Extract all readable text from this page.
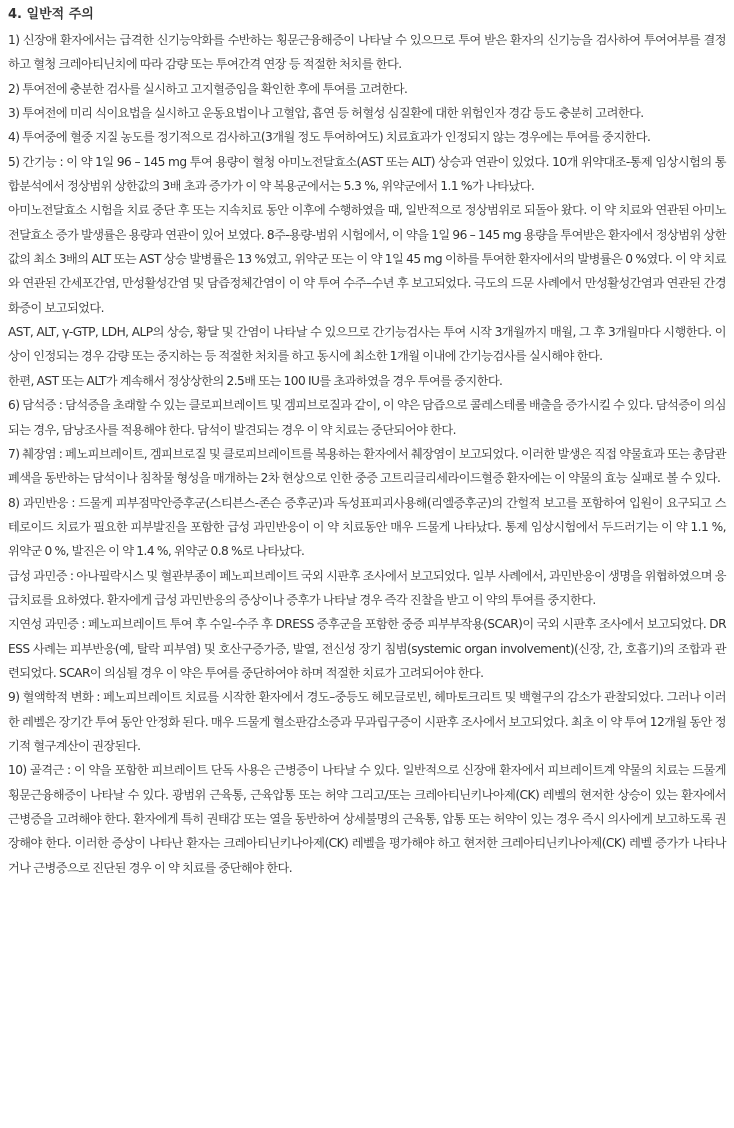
4. 일반적 주의

1) 신장애 환자에서는 급격한 신기능악화를 수반하는 횡문근융해증이 나타날 수 있으므로 투여 받은 환자의 신기능을 검사하여 투여여부를 결정하고 혈청 크레아티닌치에 따라 감량 또는 투여간격 연장 등 적절한 처치를 한다.

2) 투여전에 충분한 검사를 실시하고 고지혈증임을 확인한 후에 투여를 고려한다.

3) 투여전에 미리 식이요법을 실시하고 운동요법이나 고혈압, 흡연 등 허혈성 심질환에 대한 위험인자 경감 등도 충분히 고려한다.

4) 투여중에 혈중 지질 농도를 정기적으로 검사하고(3개월 정도 투여하여도) 치료효과가 인정되지 않는 경우에는 투여를 중지한다.

5) 간기능 : 이 약 1일 96 – 145 mg 투여 용량이 혈청 아미노전달효소(AST 또는 ALT) 상승과 연관이 있었다. 10개 위약대조-통제 임상시험의 통합분석에서 정상범위 상한값의 3배 초과 증가가 이 약 복용군에서는 5.3 %, 위약군에서 1.1 %가 나타났다.

아미노전달효소 시험을 치료 중단 후 또는 지속치료 동안 이후에 수행하였을 때, 일반적으로 정상범위로 되돌아 왔다. 이 약 치료와 연관된 아미노전달효소 증가 발생률은 용량과 연관이 있어 보였다. 8주-용량-범위 시험에서, 이 약을 1일 96 – 145 mg 용량을 투여받은 환자에서 정상범위 상한값의 최소 3배의 ALT 또는 AST 상승 발병률은 13 %였고, 위약군 또는 이 약 1일 45 mg 이하를 투여한 환자에서의 발병률은 0 %였다. 이 약 치료와 연관된 간세포간염, 만성활성간염 및 담즙정체간염이 이 약 투여 수주–수년 후 보고되었다. 극도의 드문 사례에서 만성활성간염과 연관된 간경화증이 보고되었다.

AST, ALT, γ-GTP, LDH, ALP의 상승, 황달 및 간염이 나타날 수 있으므로 간기능검사는 투여 시작 3개월까지 매월, 그 후 3개월마다 시행한다. 이상이 인정되는 경우 감량 또는 중지하는 등 적절한 처치를 하고 동시에 최소한 1개월 이내에 간기능검사를 실시해야 한다.

한편, AST 또는 ALT가 계속해서 정상상한의 2.5배 또는 100 IU를 초과하였을 경우 투여를 중지한다.

6) 담석증 : 담석증을 초래할 수 있는 클로피브레이트 및 겜피브로질과 같이, 이 약은 담즙으로 콜레스테롤 배출을 증가시킬 수 있다. 담석증이 의심되는 경우, 담낭조사를 적용해야 한다. 담석이 발견되는 경우 이 약 치료는 중단되어야 한다.

7) 췌장염 : 페노피브레이트, 겜피브로질 및 클로피브레이트를 복용하는 환자에서 췌장염이 보고되었다. 이러한 발생은 직접 약물효과 또는 총담관 폐색을 동반하는 담석이나 침착물 형성을 매개하는 2차 현상으로 인한 중증 고트리글리세라이드혈증 환자에는 이 약물의 효능 실패로 볼 수 있다.

8) 과민반응 : 드물게 피부점막안증후군(스티븐스-존슨 증후군)과 독성표피괴사용해(리엘증후군)의 간헐적 보고를 포함하여 입원이 요구되고 스테로이드 치료가 필요한 피부발진을 포함한 급성 과민반응이 이 약 치료동안 매우 드물게 나타났다. 통제 임상시험에서 두드러기는 이 약 1.1 %, 위약군 0 %, 발진은 이 약 1.4 %, 위약군 0.8 %로 나타났다.

급성 과민증 : 아나필락시스 및 혈관부종이 페노피브레이트 국외 시판후 조사에서 보고되었다. 일부 사례에서, 과민반응이 생명을 위협하였으며 응급치료를 요하였다. 환자에게 급성 과민반응의 증상이나 증후가 나타날 경우 즉각 진찰을 받고 이 약의 투여를 중지한다.

지연성 과민증 : 페노피브레이트 투여 후 수일-수주 후 DRESS 증후군을 포함한 중증 피부부작용(SCAR)이 국외 시판후 조사에서 보고되었다. DRESS 사례는 피부반응(예, 탈락 피부염) 및 호산구증가증, 발열, 전신성 장기 침범(systemic organ involvement)(신장, 간, 호흡기)의 조합과 관련되었다. SCAR이 의심될 경우 이 약은 투여를 중단하여야 하며 적절한 치료가 고려되어야 한다.

9) 혈액학적 변화 : 페노피브레이트 치료를 시작한 환자에서 경도–중등도 헤모글로빈, 헤마토크리트 및 백혈구의 감소가 관찰되었다. 그러나 이러한 레벨은 장기간 투여 동안 안정화 된다. 매우 드물게 혈소판감소증과 무과립구증이 시판후 조사에서 보고되었다. 최초 이 약 투여 12개월 동안 정기적 혈구계산이 권장된다.

10) 골격근 : 이 약을 포함한 피브레이트 단독 사용은 근병증이 나타날 수 있다. 일반적으로 신장애 환자에서 피브레이트계 약물의 치료는 드물게 횡문근융해증이 나타날 수 있다. 광범위 근육통, 근육압통 또는 허약 그리고/또는 크레아티닌키나아제(CK) 레벨의 현저한 상승이 있는 환자에서 근병증을 고려해야 한다. 환자에게 특히 권태감 또는 열을 동반하여 상세불명의 근육통, 압통 또는 허약이 있는 경우 즉시 의사에게 보고하도록 권장해야 한다. 이러한 증상이 나타난 환자는 크레아티닌키나아제(CK) 레벨을 평가해야 하고 현저한 크레아티닌키나아제(CK) 레벨 증가가 나타나거나 근병증으로 진단된 경우 이 약 치료를 중단해야 한다.
